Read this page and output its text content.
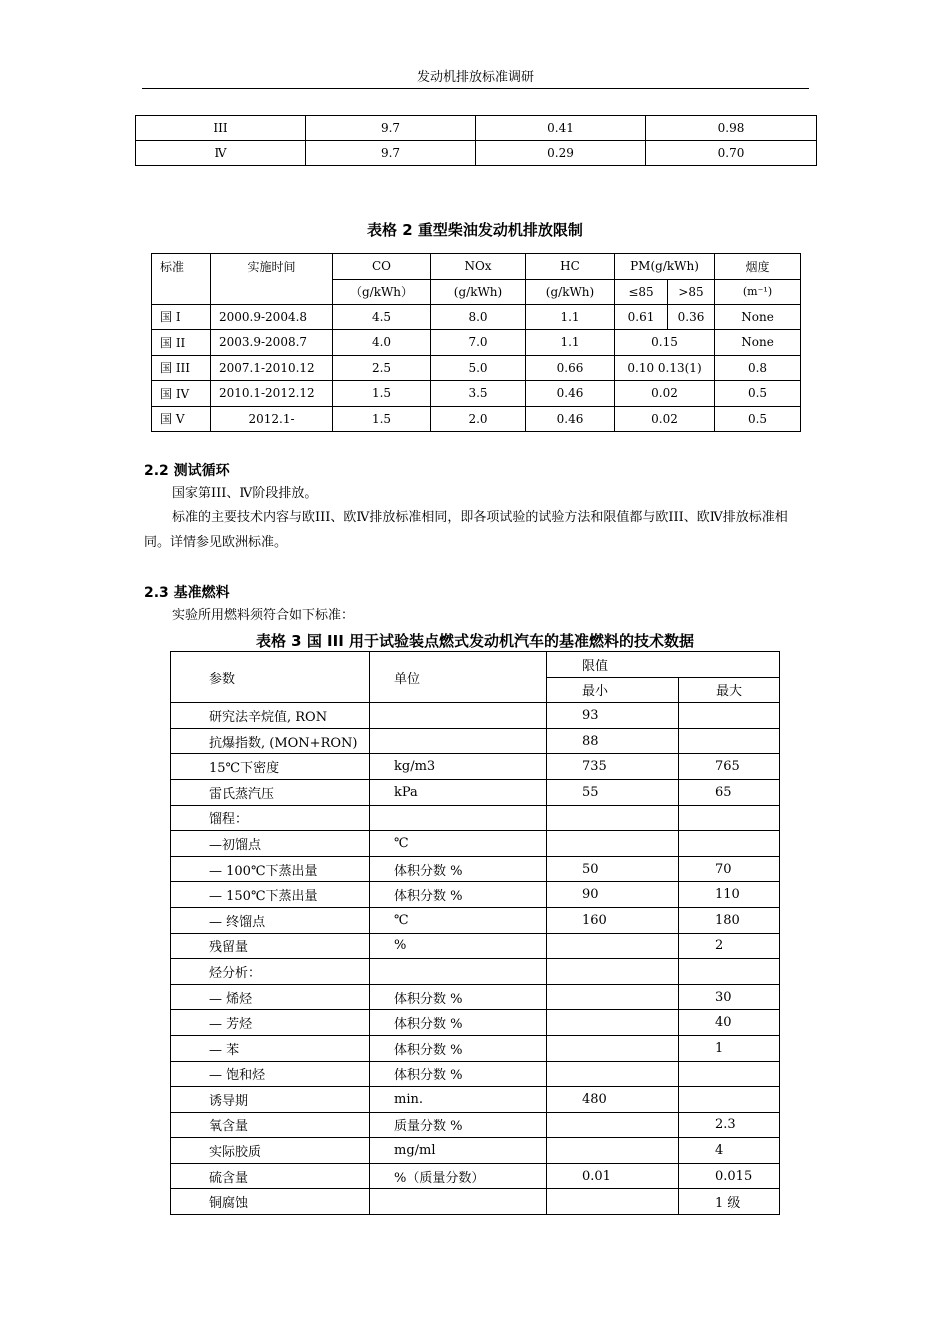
发动机排放标准调研
III	9.7	0.41	0.98
Ⅳ	9.7	0.29	0.70
表格 2 重型柴油发动机排放限制
标准	实施时间	CO	NOx	HC	PM(g/kWh)		烟度
		（g/kWh）	(g/kWh)	(g/kWh)	≤85	>85	(m⁻¹)
国 I	2000.9-2004.8	4.5	8.0	1.1	0.61	0.36	None
国 II	2003.9-2008.7	4.0	7.0	1.1	0.15		None
国 III	2007.1-2010.12	2.5	5.0	0.66	0.10 0.13(1)		0.8
国 IV	2010.1-2012.12	1.5	3.5	0.46	0.02		0.5
国 V	2012.1-	1.5	2.0	0.46	0.02		0.5
2.2 测试循环
国家第III、Ⅳ阶段排放。
标准的主要技术内容与欧III、欧Ⅳ排放标准相同，即各项试验的试验方法和限值都与欧III、欧Ⅳ排放标准相同。详情参见欧洲标准。
2.3 基准燃料
实验所用燃料须符合如下标准：
表格 3 国 III 用于试验装点燃式发动机汽车的基准燃料的技术数据
参数	单位	限值	
		最小	最大
研究法辛烷值, RON		93	
抗爆指数, (MON+RON)		88	
15℃下密度	kg/m3	735	765
雷氏蒸汽压	kPa	55	65
馏程：			
—初馏点	℃		
— 100℃下蒸出量	体积分数 %	50	70
— 150℃下蒸出量	体积分数 %	90	110
— 终馏点	℃	160	180
残留量	%		2
烃分析：			
— 烯烃	体积分数 %		30
— 芳烃	体积分数 %		40
— 苯	体积分数 %		1
— 饱和烃	体积分数 %		
诱导期	min.	480	
氧含量	质量分数 %		2.3
实际胶质	mg/ml		4
硫含量	%（质量分数）	0.01	0.015
铜腐蚀			1 级
